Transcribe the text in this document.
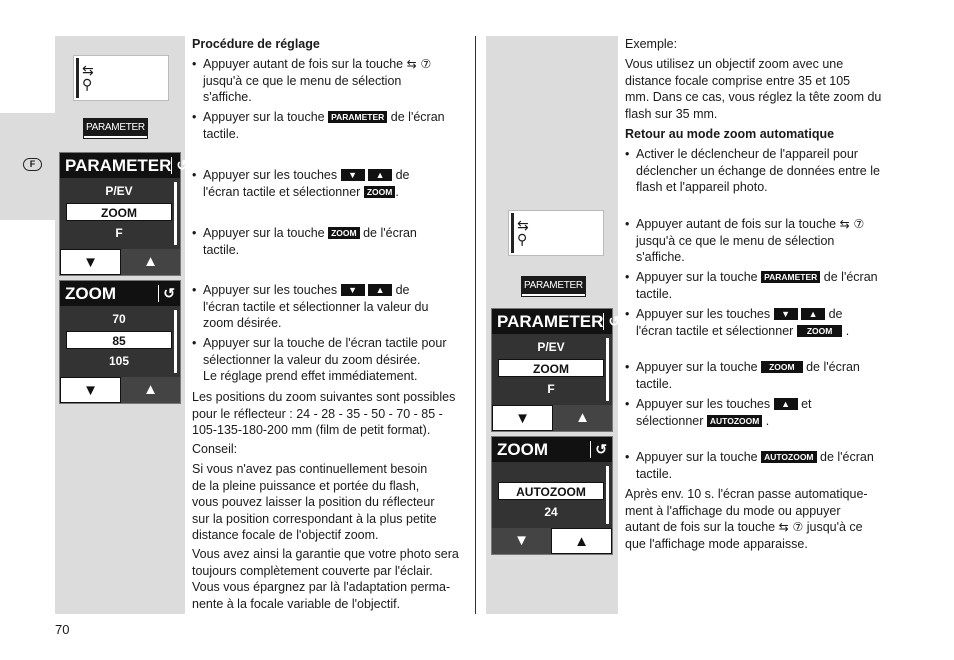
F
⇆
⚲
PARAMETER
PARAMETER ↺
P/EV
ZOOM
F
▼	▲
ZOOM	↺
70
85
105
▼	▲
Procédure de réglage
• Appuyer autant de fois sur la touche ⇆ ⑦
jusqu'à ce que le menu de sélection
s'affiche.
• Appuyer sur la touche PARAMETER de l'écran
tactile.
• Appuyer sur les touches ▼ ▲ de
l'écran tactile et sélectionner ZOOM .
• Appuyer sur la touche ZOOM de l'écran
tactile.
• Appuyer sur les touches ▼ ▲ de
l'écran tactile et sélectionner la valeur du
zoom désirée.
• Appuyer sur la touche de l'écran tactile pour
sélectionner la valeur du zoom désirée.
Le réglage prend effet immédiatement.
Les positions du zoom suivantes sont possibles
pour le réflecteur : 24 - 28 - 35 - 50 - 70 - 85 -
105-135-180-200 mm (film de petit format).
Conseil:
Si vous n'avez pas continuellement besoin
de la pleine puissance et portée du flash,
vous pouvez laisser la position du réflecteur
sur la position correspondant à la plus petite
distance focale de l'objectif zoom.
Vous avez ainsi la garantie que votre photo sera
toujours complètement couverte par l'éclair.
Vous vous épargnez par là l'adaptation perma-
nente à la focale variable de l'objectif.
⇆
⚲
PARAMETER
PARAMETER ↺
P/EV
ZOOM
F
▼	▲
ZOOM	↺
AUTOZOOM
24
▼	▲
Exemple:
Vous utilisez un objectif zoom avec une
distance focale comprise entre 35 et 105
mm. Dans ce cas, vous réglez la tête zoom du
flash sur 35 mm.
Retour au mode zoom automatique
• Activer le déclencheur de l'appareil pour
déclencher un échange de données entre le
flash et l'appareil photo.
• Appuyer autant de fois sur la touche ⇆ ⑦
jusqu'à ce que le menu de sélection
s'affiche.
• Appuyer sur la touche PARAMETER de l'écran
tactile.
• Appuyer sur les touches ▼ ▲ de
l'écran tactile et sélectionner ZOOM .
• Appuyer sur la touche ZOOM de l'écran
tactile.
• Appuyer sur les touches ▲ et
sélectionner AUTOZOOM .
• Appuyer sur la touche AUTOZOOM de l'écran
tactile.
Après env. 10 s. l'écran passe automatique-
ment à l'affichage du mode ou appuyer
autant de fois sur la touche ⇆ ⑦ jusqu'à ce
que l'affichage mode apparaisse.
70
